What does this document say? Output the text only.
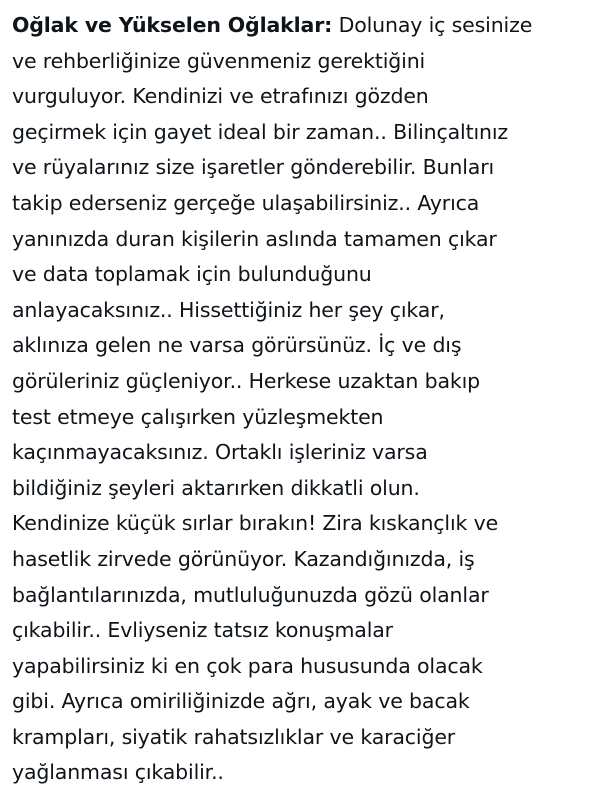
Oğlak ve Yükselen Oğlaklar: Dolunay iç sesinize
ve rehberliğinize güvenmeniz gerektiğini
vurguluyor. Kendinizi ve etrafınızı gözden
geçirmek için gayet ideal bir zaman.. Bilinçaltınız
ve rüyalarınız size işaretler gönderebilir. Bunları
takip ederseniz gerçeğe ulaşabilirsiniz.. Ayrıca
yanınızda duran kişilerin aslında tamamen çıkar
ve data toplamak için bulunduğunu
anlayacaksınız.. Hissettiğiniz her şey çıkar,
aklınıza gelen ne varsa görürsünüz. İç ve dış
görüleriniz güçleniyor.. Herkese uzaktan bakıp
test etmeye çalışırken yüzleşmekten
kaçınmayacaksınız. Ortaklı işleriniz varsa
bildiğiniz şeyleri aktarırken dikkatli olun.
Kendinize küçük sırlar bırakın! Zira kıskançlık ve
hasetlik zirvede görünüyor. Kazandığınızda, iş
bağlantılarınızda, mutluluğunuzda gözü olanlar
çıkabilir.. Evliyseniz tatsız konuşmalar
yapabilirsiniz ki en çok para hususunda olacak
gibi. Ayrıca omiriliğinizde ağrı, ayak ve bacak
krampları, siyatik rahatsızlıklar ve karaciğer
yağlanması çıkabilir..
